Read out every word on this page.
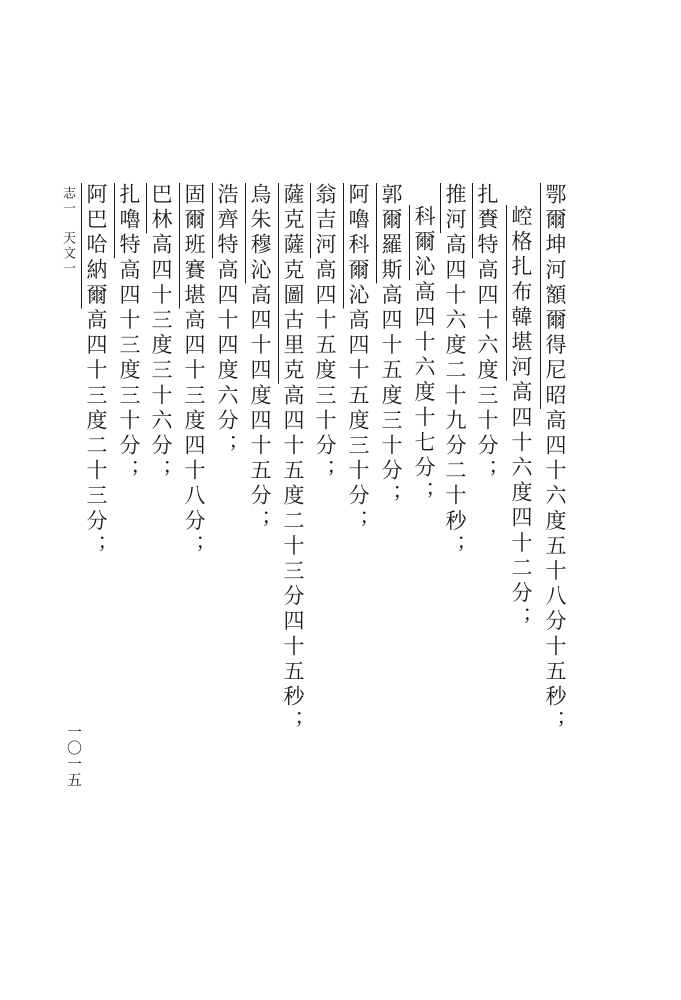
鄂爾坤河額爾得尼昭高四十六度五十八分十五秒；
崆格扎布韓堪河高四十六度四十二分；
扎賚特高四十六度三十分；
推河高四十六度二十九分二十秒；
科爾沁高四十六度十七分；
郭爾羅斯高四十五度三十分；
阿嚕科爾沁高四十五度三十分；
翁吉河高四十五度三十分；
薩克薩克圖古里克高四十五度二十三分四十五秒；
烏朱穆沁高四十四度四十五分；
浩齊特高四十四度六分；
固爾班賽堪高四十三度四十八分；
巴林高四十三度三十六分；
扎嚕特高四十三度三十分；
阿巴哈納爾高四十三度二十三分；
志一　天文一
一〇一五
